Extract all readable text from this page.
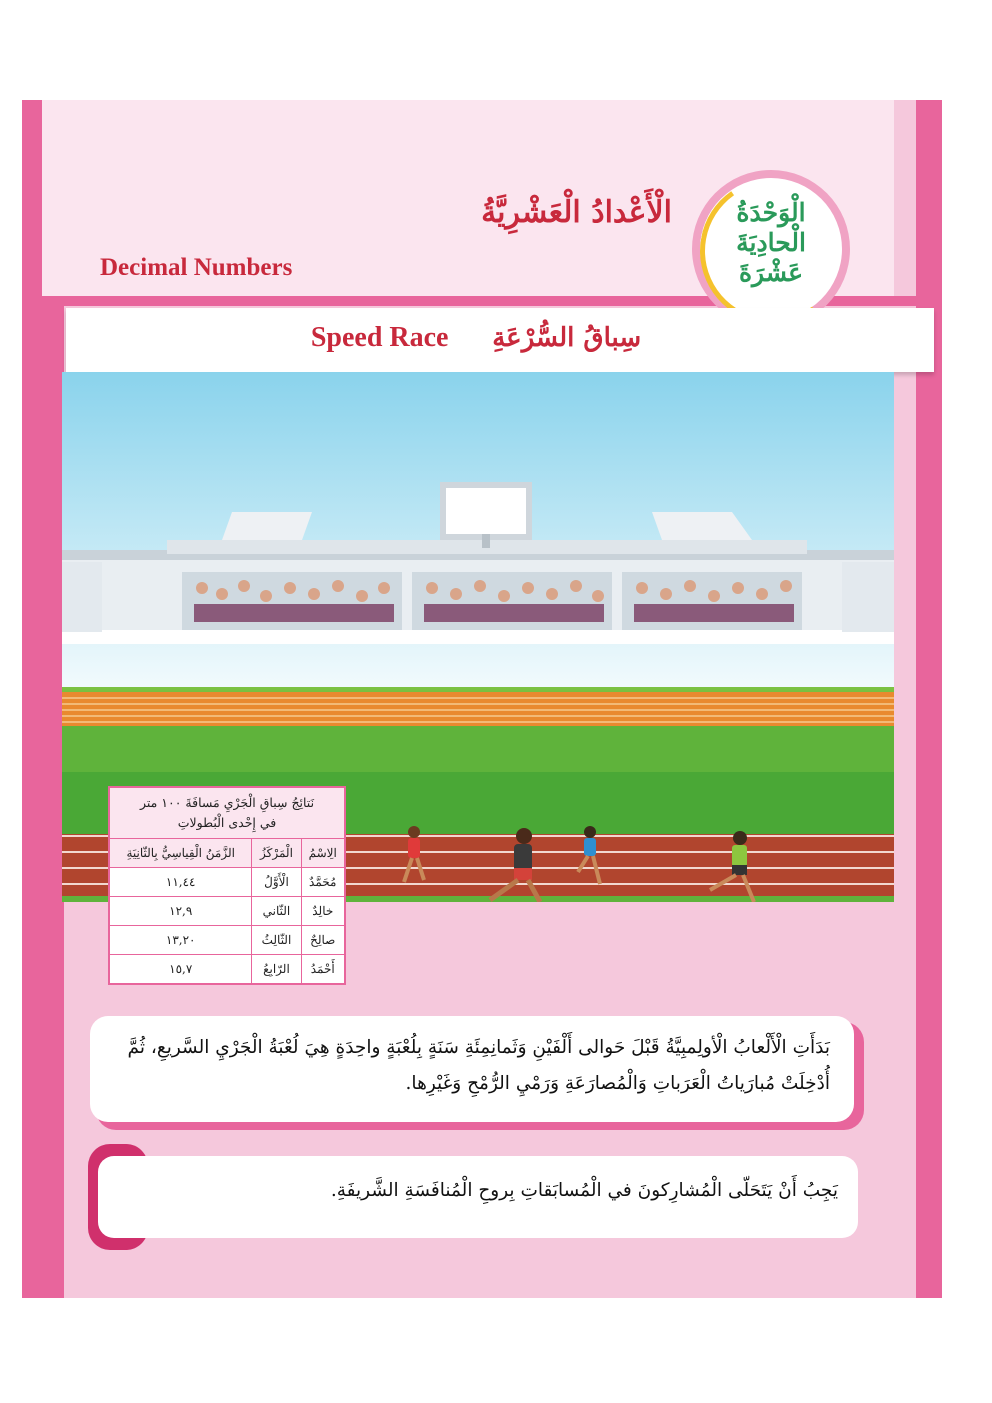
الْأَعْدادُ الْعَشْرِيَّةُ
Decimal Numbers
الْوَحْدَةُ
الْحادِيَةَ
عَشْرَةَ
Speed Race سِباقُ السُّرْعَةِ
نَتائِجُ سِباقِ الْجَرْيِ مَسافَةَ ١٠٠ متر
في إِحْدى الْبُطولاتِ		

الِاسْمُ	الْمَرْكَزُ	الزَّمَنُ الْقِياسِيُّ بِالثّانِيَةِ
مُحَمَّدٌ	الْأَوَّلُ	١١,٤٤
خالِدٌ	الثّاني	١٢,٩
صالِحٌ	الثّالِثُ	١٣,٢٠
أَحْمَدُ	الرّابِعُ	١٥,٧

بَدَأَتِ الْأَلْعابُ الْأولِمبِيَّةُ قَبْلَ حَوالى أَلْفَيْنِ وَثَمانِمِئَةِ سَنَةٍ بِلُعْبَةٍ واحِدَةٍ هِيَ لُعْبَةُ الْجَرْيِ السَّريعِ، ثُمَّ أُدْخِلَتْ مُبارَياتُ الْعَرَباتِ وَالْمُصارَعَةِ وَرَمْيِ الرُّمْحِ وَغَيْرِها.

يَجِبُ أَنْ يَتَحَلّى الْمُشارِكونَ في الْمُسابَقاتِ بِروحِ الْمُنافَسَةِ الشَّريفَةِ.
